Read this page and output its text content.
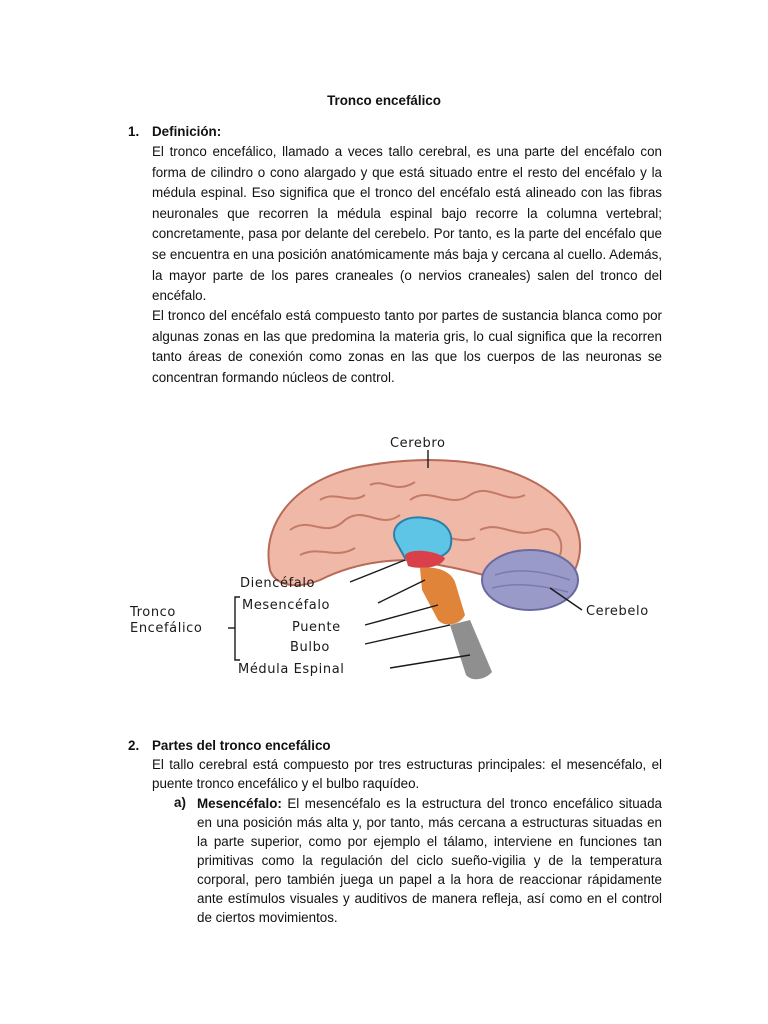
Tronco encefálico
1. Definición:

El tronco encefálico, llamado a veces tallo cerebral, es una parte del encéfalo con forma de cilindro o cono alargado y que está situado entre el resto del encéfalo y la médula espinal. Eso significa que el tronco del encéfalo está alineado con las fibras neuronales que recorren la médula espinal bajo recorre la columna vertebral; concretamente, pasa por delante del cerebelo. Por tanto, es la parte del encéfalo que se encuentra en una posición anatómicamente más baja y cercana al cuello. Además, la mayor parte de los pares craneales (o nervios craneales) salen del tronco del encéfalo.

El tronco del encéfalo está compuesto tanto por partes de sustancia blanca como por algunas zonas en las que predomina la materia gris, lo cual significa que la recorren tanto áreas de conexión como zonas en las que los cuerpos de las neuronas se concentran formando núcleos de control.

Cerebro
Diencéfalo
Tronco
Encefálico
Mesencéfalo
Puente
Bulbo
Médula Espinal
Cerebelo
2. Partes del tronco encefálico

El tallo cerebral está compuesto por tres estructuras principales: el mesencéfalo, el puente tronco encefálico y el bulbo raquídeo.

a) Mesencéfalo: El mesencéfalo es la estructura del tronco encefálico situada en una posición más alta y, por tanto, más cercana a estructuras situadas en la parte superior, como por ejemplo el tálamo, interviene en funciones tan primitivas como la regulación del ciclo sueño-vigilia y de la temperatura corporal, pero también juega un papel a la hora de reaccionar rápidamente ante estímulos visuales y auditivos de manera refleja, así como en el control de ciertos movimientos.
